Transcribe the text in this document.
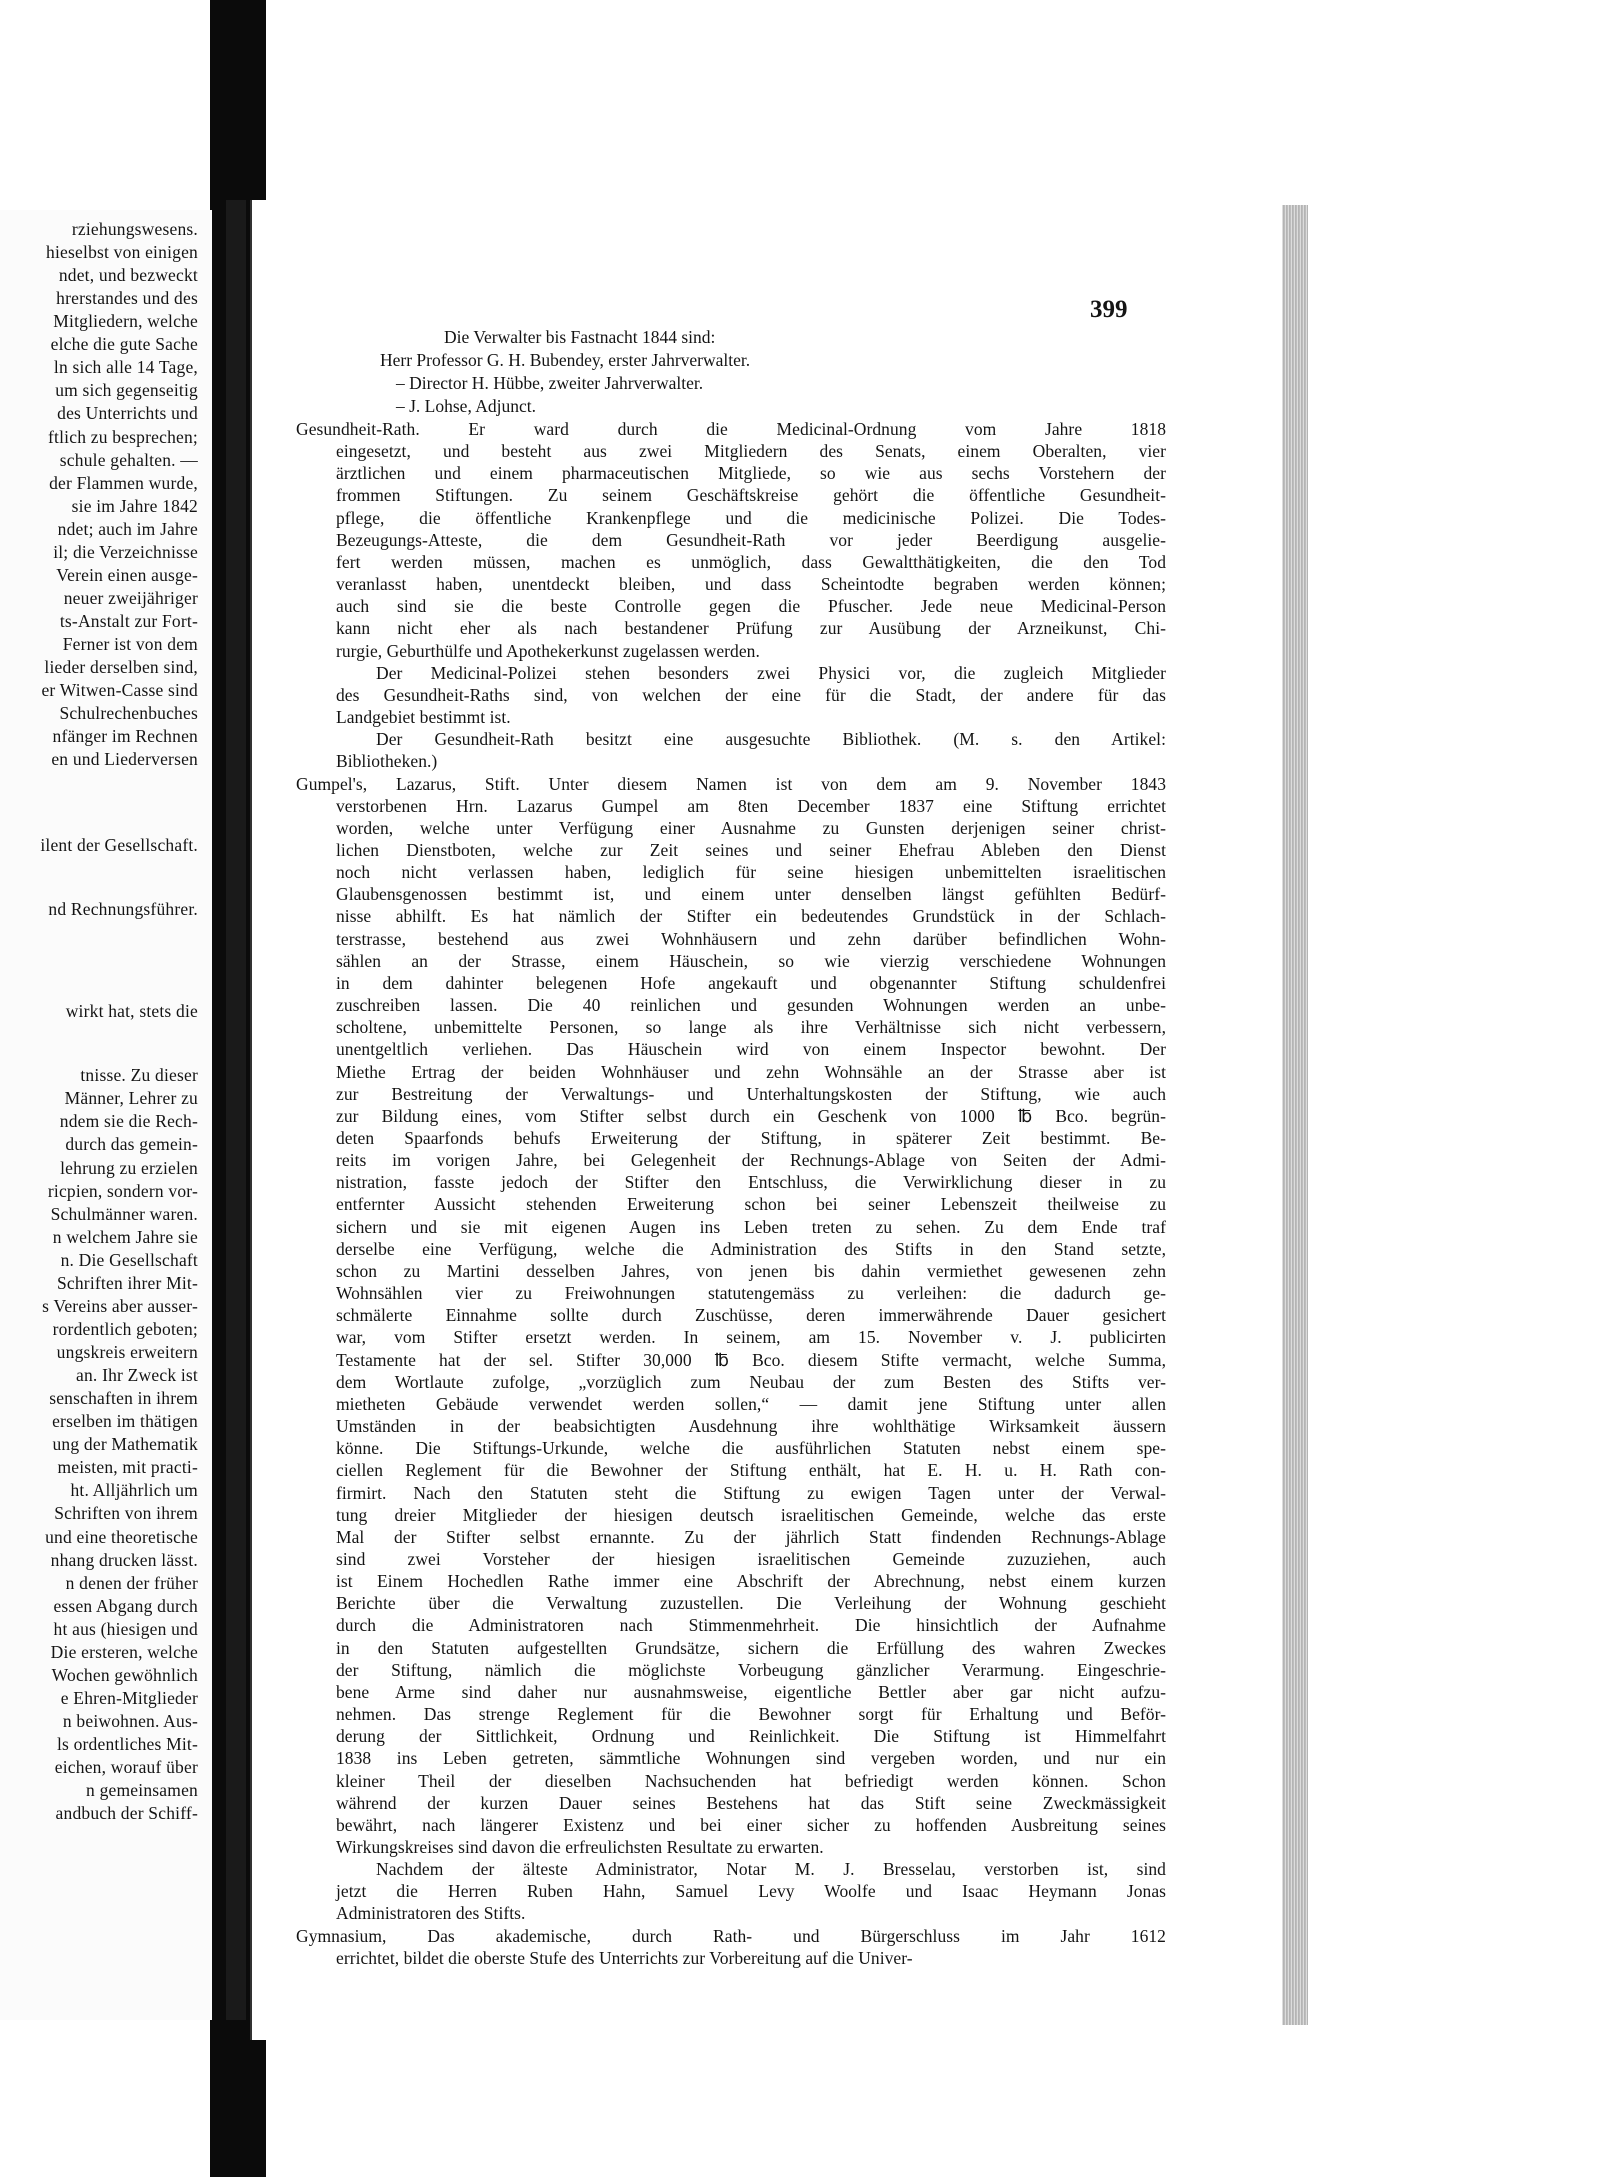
rziehungswesens.
hieselbst von einigen
ndet, und bezweckt
hrerstandes und des
Mitgliedern, welche
elche die gute Sache
ln sich alle 14 Tage,
um sich gegenseitig
des Unterrichts und
ftlich zu besprechen;
schule gehalten. —
der Flammen wurde,
sie im Jahre 1842
ndet; auch im Jahre
il; die Verzeichnisse
Verein einen ausge-
neuer zweijähriger
ts-Anstalt zur Fort-
Ferner ist von dem
lieder derselben sind,
er Witwen-Casse sind
Schulrechenbuches
nfänger im Rechnen
en und Liederversen
ilent der Gesellschaft.
nd Rechnungsführer.
wirkt hat, stets die
tnisse. Zu dieser
Männer, Lehrer zu
ndem sie die Rech-
durch das gemein-
lehrung zu erzielen
ricpien, sondern vor-
Schulmänner waren.
n welchem Jahre sie
n. Die Gesellschaft
Schriften ihrer Mit-
s Vereins aber ausser-
rordentlich geboten;
ungskreis erweitern
an. Ihr Zweck ist
senschaften in ihrem
erselben im thätigen
ung der Mathematik
meisten, mit practi-
ht. Alljährlich um
Schriften von ihrem
und eine theoretische
nhang drucken lässt.
n denen der früher
essen Abgang durch
ht aus (hiesigen und
Die ersteren, welche
Wochen gewöhnlich
e Ehren-Mitglieder
n beiwohnen. Aus-
ls ordentliches Mit-
eichen, worauf über
n gemeinsamen
andbuch der Schiff-
399
Die Verwalter bis Fastnacht 1844 sind:
Herr Professor G. H. Bubendey, erster Jahrverwalter.
– Director H. Hübbe, zweiter Jahrverwalter.
– J. Lohse, Adjunct.
Gesundheit-Rath. Er ward durch die Medicinal-Ordnung vom Jahre 1818
eingesetzt, und besteht aus zwei Mitgliedern des Senats, einem Oberalten, vier
ärztlichen und einem pharmaceutischen Mitgliede, so wie aus sechs Vorstehern der
frommen Stiftungen. Zu seinem Geschäftskreise gehört die öffentliche Gesundheit-
pflege, die öffentliche Krankenpflege und die medicinische Polizei. Die Todes-
Bezeugungs-Atteste, die dem Gesundheit-Rath vor jeder Beerdigung ausgelie-
fert werden müssen, machen es unmöglich, dass Gewaltthätigkeiten, die den Tod
veranlasst haben, unentdeckt bleiben, und dass Scheintodte begraben werden können;
auch sind sie die beste Controlle gegen die Pfuscher. Jede neue Medicinal-Person
kann nicht eher als nach bestandener Prüfung zur Ausübung der Arzneikunst, Chi-
rurgie, Geburthülfe und Apothekerkunst zugelassen werden.
Der Medicinal-Polizei stehen besonders zwei Physici vor, die zugleich Mitglieder
des Gesundheit-Raths sind, von welchen der eine für die Stadt, der andere für das
Landgebiet bestimmt ist.
Der Gesundheit-Rath besitzt eine ausgesuchte Bibliothek. (M. s. den Artikel:
Bibliotheken.)
Gumpel's, Lazarus, Stift. Unter diesem Namen ist von dem am 9. November 1843
verstorbenen Hrn. Lazarus Gumpel am 8ten December 1837 eine Stiftung errichtet
worden, welche unter Verfügung einer Ausnahme zu Gunsten derjenigen seiner christ-
lichen Dienstboten, welche zur Zeit seines und seiner Ehefrau Ableben den Dienst
noch nicht verlassen haben, lediglich für seine hiesigen unbemittelten israelitischen
Glaubensgenossen bestimmt ist, und einem unter denselben längst gefühlten Bedürf-
nisse abhilft. Es hat nämlich der Stifter ein bedeutendes Grundstück in der Schlach-
terstrasse, bestehend aus zwei Wohnhäusern und zehn darüber befindlichen Wohn-
sählen an der Strasse, einem Häuschein, so wie vierzig verschiedene Wohnungen
in dem dahinter belegenen Hofe angekauft und obgenannter Stiftung schuldenfrei
zuschreiben lassen. Die 40 reinlichen und gesunden Wohnungen werden an unbe-
scholtene, unbemittelte Personen, so lange als ihre Verhältnisse sich nicht verbessern,
unentgeltlich verliehen. Das Häuschein wird von einem Inspector bewohnt. Der
Miethe Ertrag der beiden Wohnhäuser und zehn Wohnsähle an der Strasse aber ist
zur Bestreitung der Verwaltungs- und Unterhaltungskosten der Stiftung, wie auch
zur Bildung eines, vom Stifter selbst durch ein Geschenk von 1000 ℔ Bco. begrün-
deten Spaarfonds behufs Erweiterung der Stiftung, in späterer Zeit bestimmt. Be-
reits im vorigen Jahre, bei Gelegenheit der Rechnungs-Ablage von Seiten der Admi-
nistration, fasste jedoch der Stifter den Entschluss, die Verwirklichung dieser in zu
entfernter Aussicht stehenden Erweiterung schon bei seiner Lebenszeit theilweise zu
sichern und sie mit eigenen Augen ins Leben treten zu sehen. Zu dem Ende traf
derselbe eine Verfügung, welche die Administration des Stifts in den Stand setzte,
schon zu Martini desselben Jahres, von jenen bis dahin vermiethet gewesenen zehn
Wohnsählen vier zu Freiwohnungen statutengemäss zu verleihen: die dadurch ge-
schmälerte Einnahme sollte durch Zuschüsse, deren immerwährende Dauer gesichert
war, vom Stifter ersetzt werden. In seinem, am 15. November v. J. publicirten
Testamente hat der sel. Stifter 30,000 ℔ Bco. diesem Stifte vermacht, welche Summa,
dem Wortlaute zufolge, „vorzüglich zum Neubau der zum Besten des Stifts ver-
mietheten Gebäude verwendet werden sollen,“ — damit jene Stiftung unter allen
Umständen in der beabsichtigten Ausdehnung ihre wohlthätige Wirksamkeit äussern
könne. Die Stiftungs-Urkunde, welche die ausführlichen Statuten nebst einem spe-
ciellen Reglement für die Bewohner der Stiftung enthält, hat E. H. u. H. Rath con-
firmirt. Nach den Statuten steht die Stiftung zu ewigen Tagen unter der Verwal-
tung dreier Mitglieder der hiesigen deutsch israelitischen Gemeinde, welche das erste
Mal der Stifter selbst ernannte. Zu der jährlich Statt findenden Rechnungs-Ablage
sind zwei Vorsteher der hiesigen israelitischen Gemeinde zuzuziehen, auch
ist Einem Hochedlen Rathe immer eine Abschrift der Abrechnung, nebst einem kurzen
Berichte über die Verwaltung zuzustellen. Die Verleihung der Wohnung geschieht
durch die Administratoren nach Stimmenmehrheit. Die hinsichtlich der Aufnahme
in den Statuten aufgestellten Grundsätze, sichern die Erfüllung des wahren Zweckes
der Stiftung, nämlich die möglichste Vorbeugung gänzlicher Verarmung. Eingeschrie-
bene Arme sind daher nur ausnahmsweise, eigentliche Bettler aber gar nicht aufzu-
nehmen. Das strenge Reglement für die Bewohner sorgt für Erhaltung und Beför-
derung der Sittlichkeit, Ordnung und Reinlichkeit. Die Stiftung ist Himmelfahrt
1838 ins Leben getreten, sämmtliche Wohnungen sind vergeben worden, und nur ein
kleiner Theil der dieselben Nachsuchenden hat befriedigt werden können. Schon
während der kurzen Dauer seines Bestehens hat das Stift seine Zweckmässigkeit
bewährt, nach längerer Existenz und bei einer sicher zu hoffenden Ausbreitung seines
Wirkungskreises sind davon die erfreulichsten Resultate zu erwarten.
Nachdem der älteste Administrator, Notar M. J. Bresselau, verstorben ist, sind
jetzt die Herren Ruben Hahn, Samuel Levy Woolfe und Isaac Heymann Jonas
Administratoren des Stifts.
Gymnasium, Das akademische, durch Rath- und Bürgerschluss im Jahr 1612
errichtet, bildet die oberste Stufe des Unterrichts zur Vorbereitung auf die Univer-
